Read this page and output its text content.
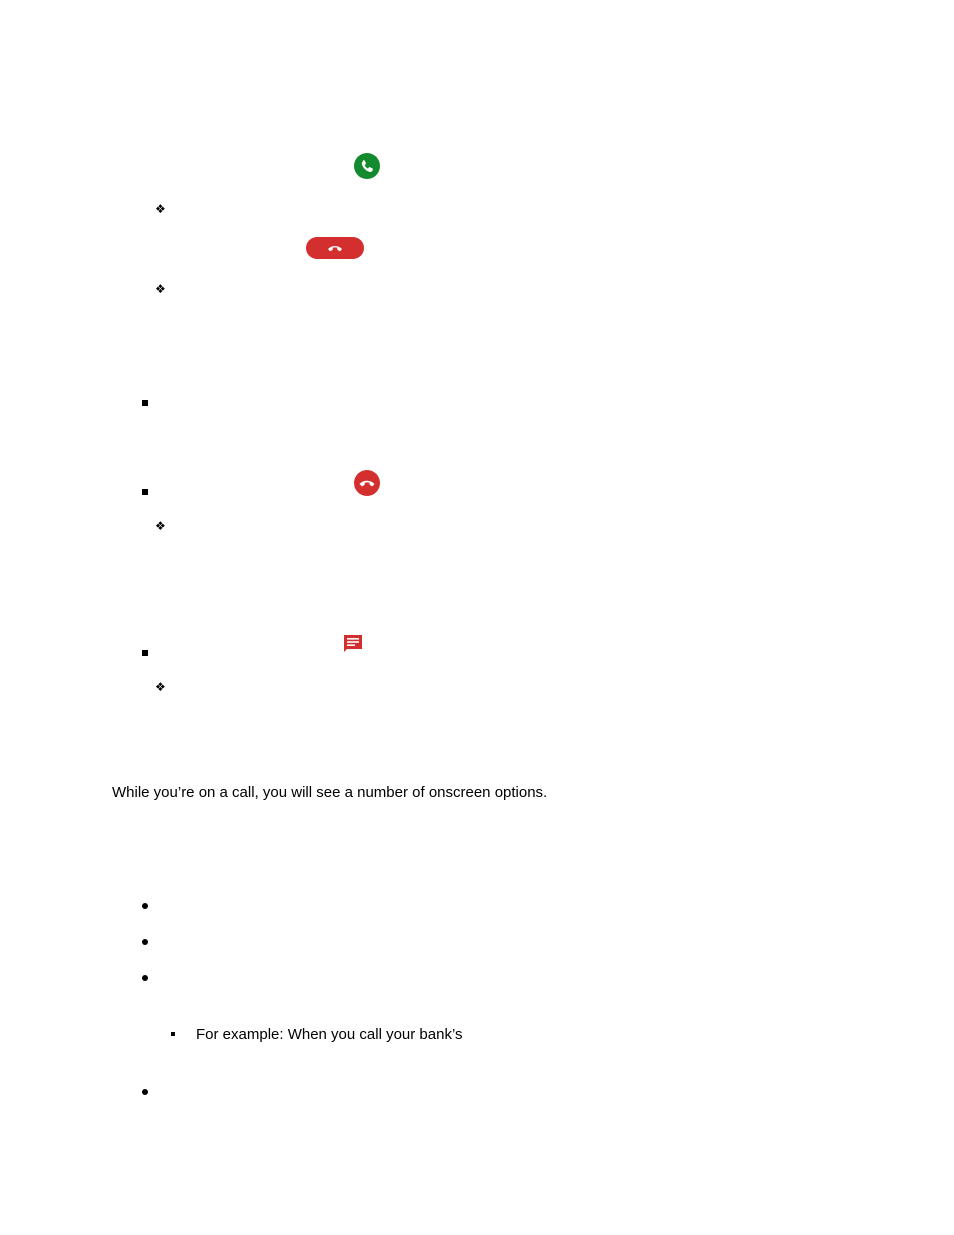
❖
❖
❖
❖
While you’re on a call, you will see a number of onscreen options.
For example: When you call your bank’s
